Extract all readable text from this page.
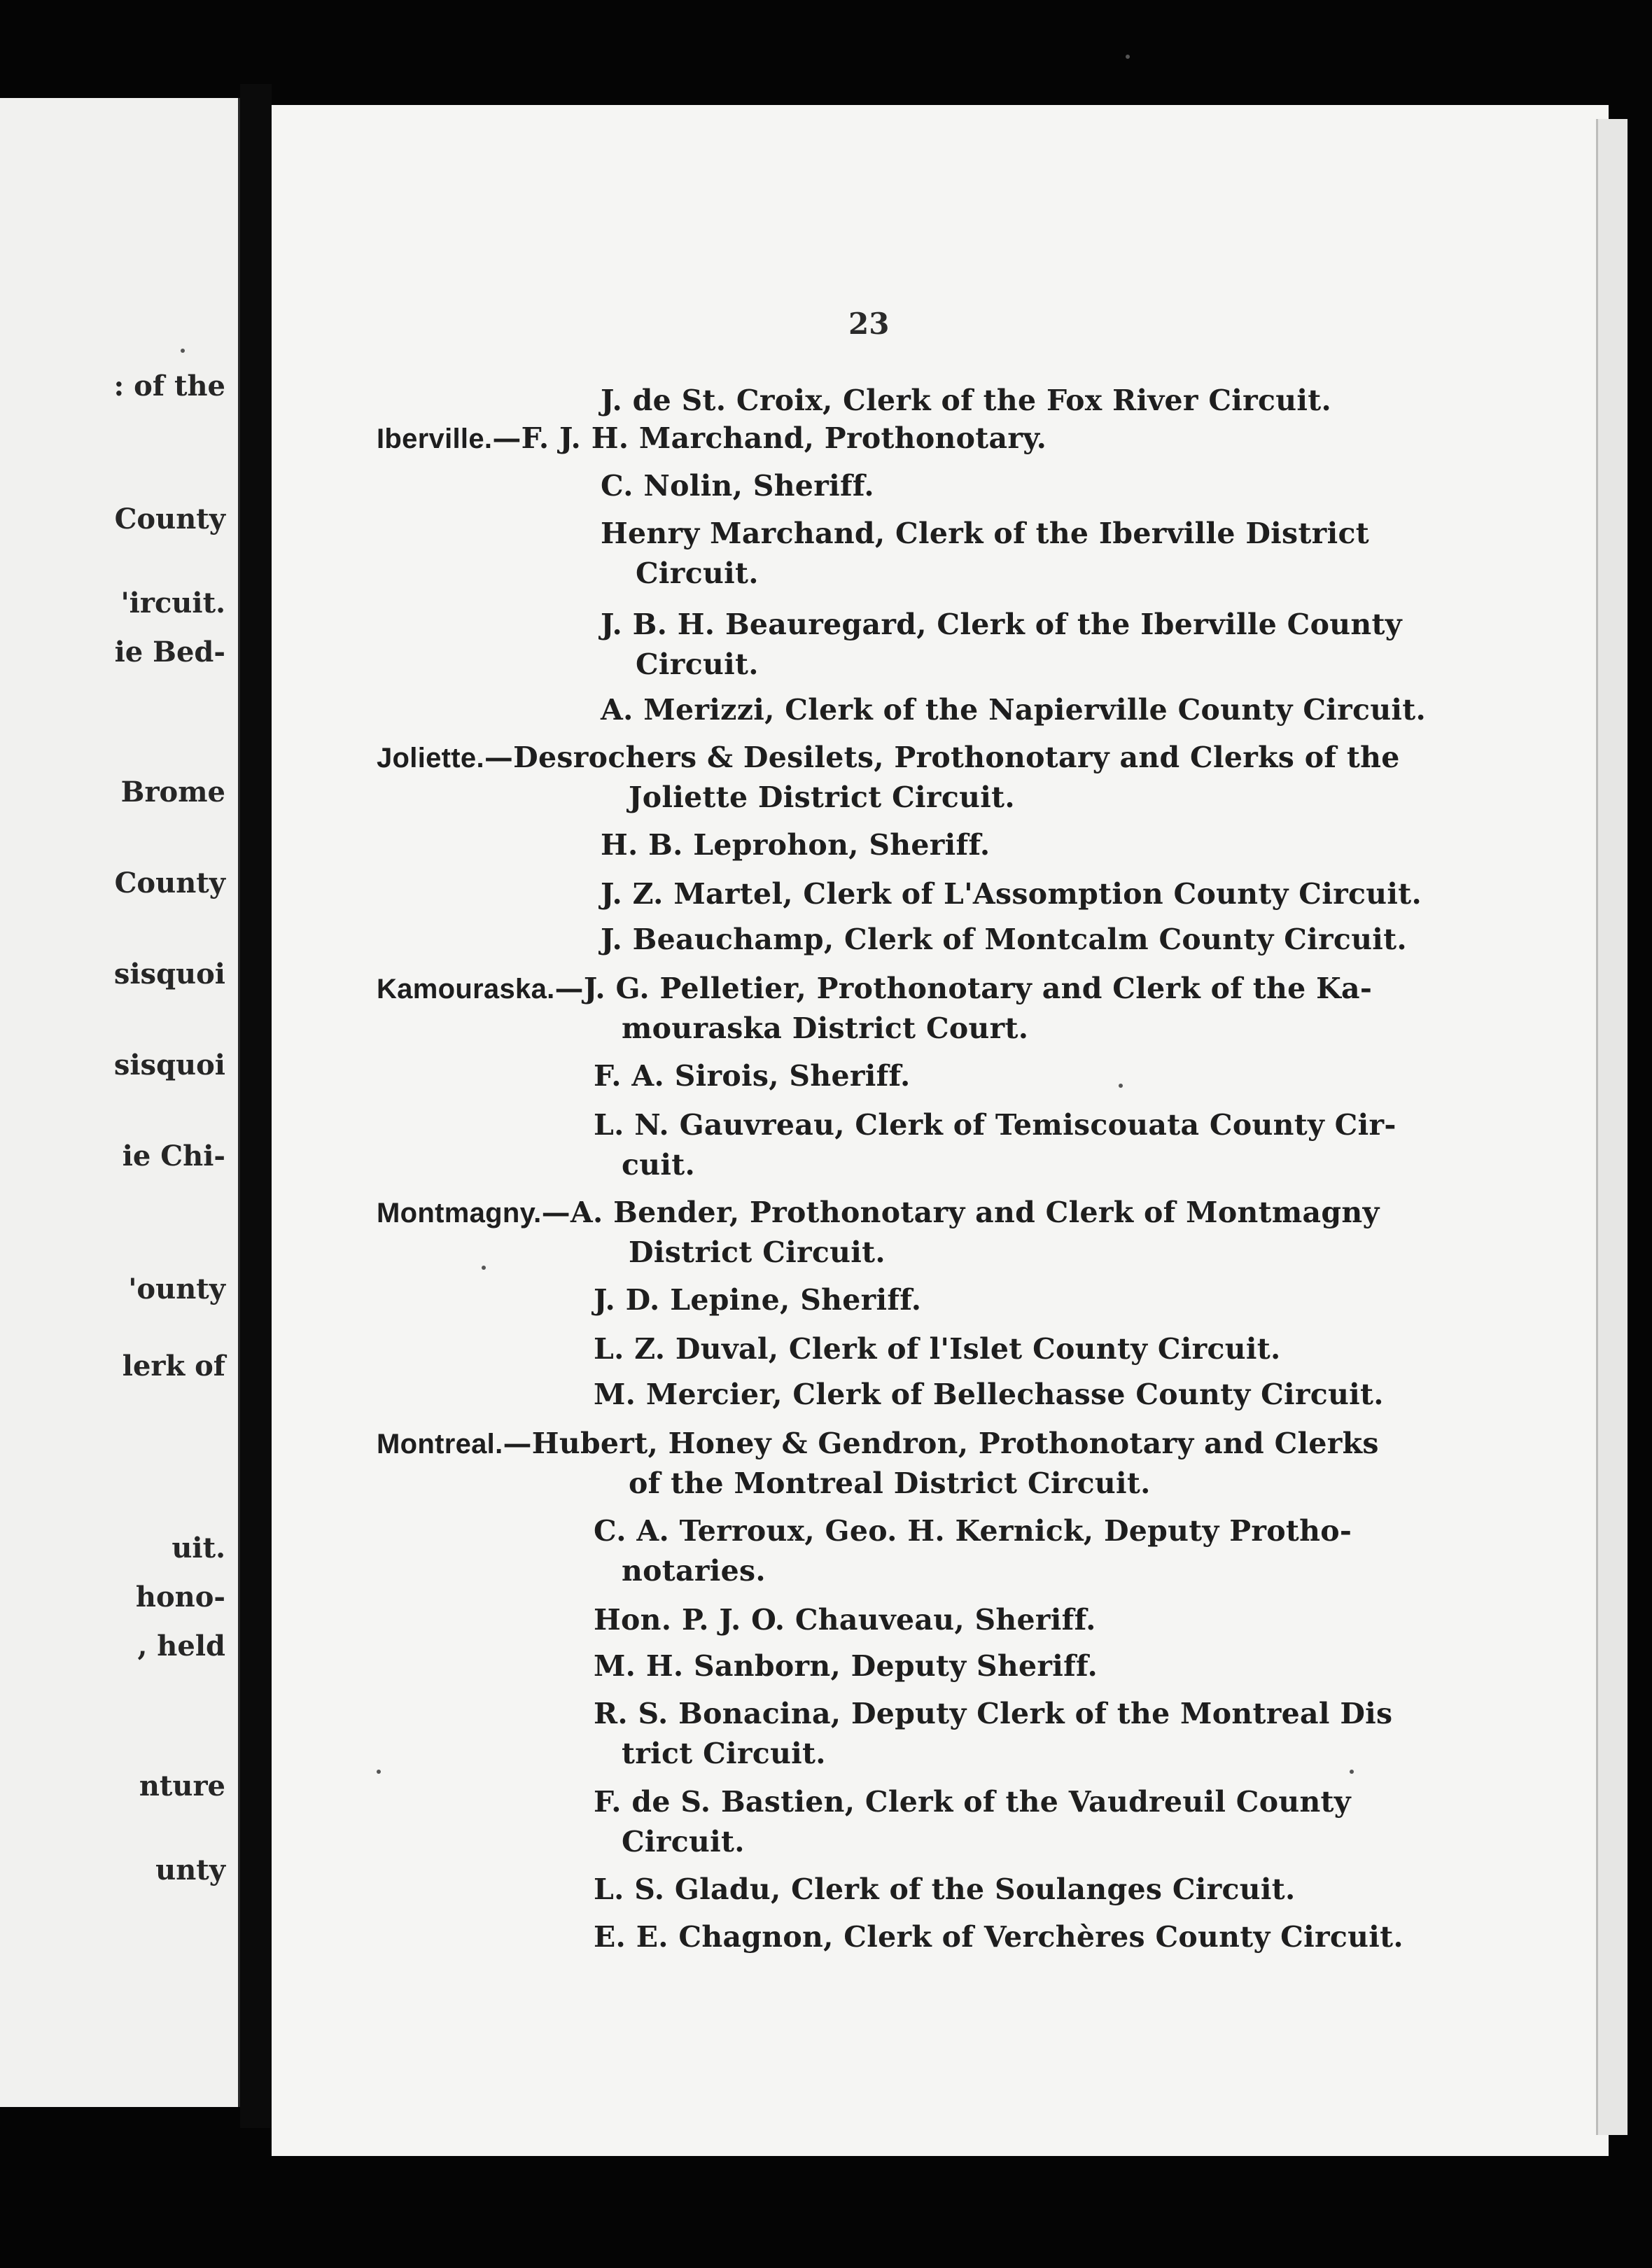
: of the
County
'ircuit.
ie Bed-
Brome
County
sisquoi
sisquoi
ie Chi-
'ounty
lerk of
uit.
hono-
, held
nture
unty
23
J. de St. Croix, Clerk of the Fox River Circuit.
Iberville.—F. J. H. Marchand, Prothonotary.
C. Nolin, Sheriff.
Henry Marchand, Clerk of the Iberville District
Circuit.
J. B. H. Beauregard, Clerk of the Iberville County
Circuit.
A. Merizzi, Clerk of the Napierville County Circuit.
Joliette.—Desrochers & Desilets, Prothonotary and Clerks of the
Joliette District Circuit.
H. B. Leprohon, Sheriff.
J. Z. Martel, Clerk of L'Assomption County Circuit.
J. Beauchamp, Clerk of Montcalm County Circuit.
Kamouraska.—J. G. Pelletier, Prothonotary and Clerk of the Ka-
mouraska District Court.
F. A. Sirois, Sheriff.
L. N. Gauvreau, Clerk of Temiscouata County Cir-
cuit.
Montmagny.—A. Bender, Prothonotary and Clerk of Montmagny
District Circuit.
J. D. Lepine, Sheriff.
L. Z. Duval, Clerk of l'Islet County Circuit.
M. Mercier, Clerk of Bellechasse County Circuit.
Montreal.—Hubert, Honey & Gendron, Prothonotary and Clerks
of the Montreal District Circuit.
C. A. Terroux, Geo. H. Kernick, Deputy Protho-
notaries.
Hon. P. J. O. Chauveau, Sheriff.
M. H. Sanborn, Deputy Sheriff.
R. S. Bonacina, Deputy Clerk of the Montreal Dis
trict Circuit.
F. de S. Bastien, Clerk of the Vaudreuil County
Circuit.
L. S. Gladu, Clerk of the Soulanges Circuit.
E. E. Chagnon, Clerk of Verchères County Circuit.
